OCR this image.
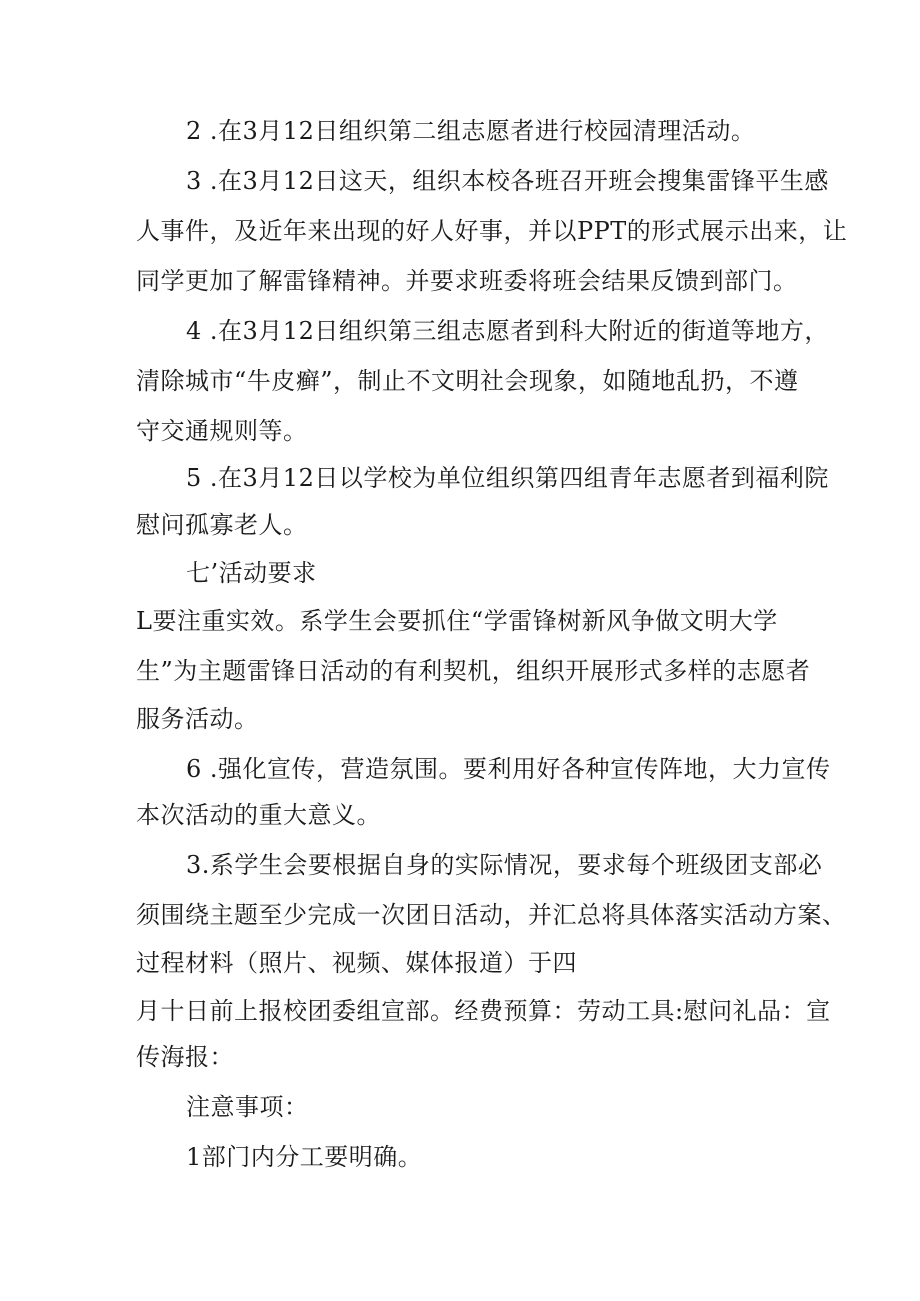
2 .在3月12日组织第二组志愿者进行校园清理活动。
3 .在3月12日这天，组织本校各班召开班会搜集雷锋平生感
人事件，及近年来出现的好人好事，并以PPT的形式展示出来，让
同学更加了解雷锋精神。并要求班委将班会结果反馈到部门。
4 .在3月12日组织第三组志愿者到科大附近的街道等地方，
清除城市“牛皮癣”，制止不文明社会现象，如随地乱扔，不遵
守交通规则等。
5 .在3月12日以学校为单位组织第四组青年志愿者到福利院
慰问孤寡老人。
七’活动要求
L要注重实效。系学生会要抓住“学雷锋树新风争做文明大学
生”为主题雷锋日活动的有利契机，组织开展形式多样的志愿者
服务活动。
6 .强化宣传，营造氛围。要利用好各种宣传阵地，大力宣传
本次活动的重大意义。
3.系学生会要根据自身的实际情况，要求每个班级团支部必
须围绕主题至少完成一次团日活动，并汇总将具体落实活动方案、
过程材料（照片、视频、媒体报道）于四
月十日前上报校团委组宣部。经费预算：劳动工具:慰问礼品：宣
传海报：
注意事项：
1部门内分工要明确。
